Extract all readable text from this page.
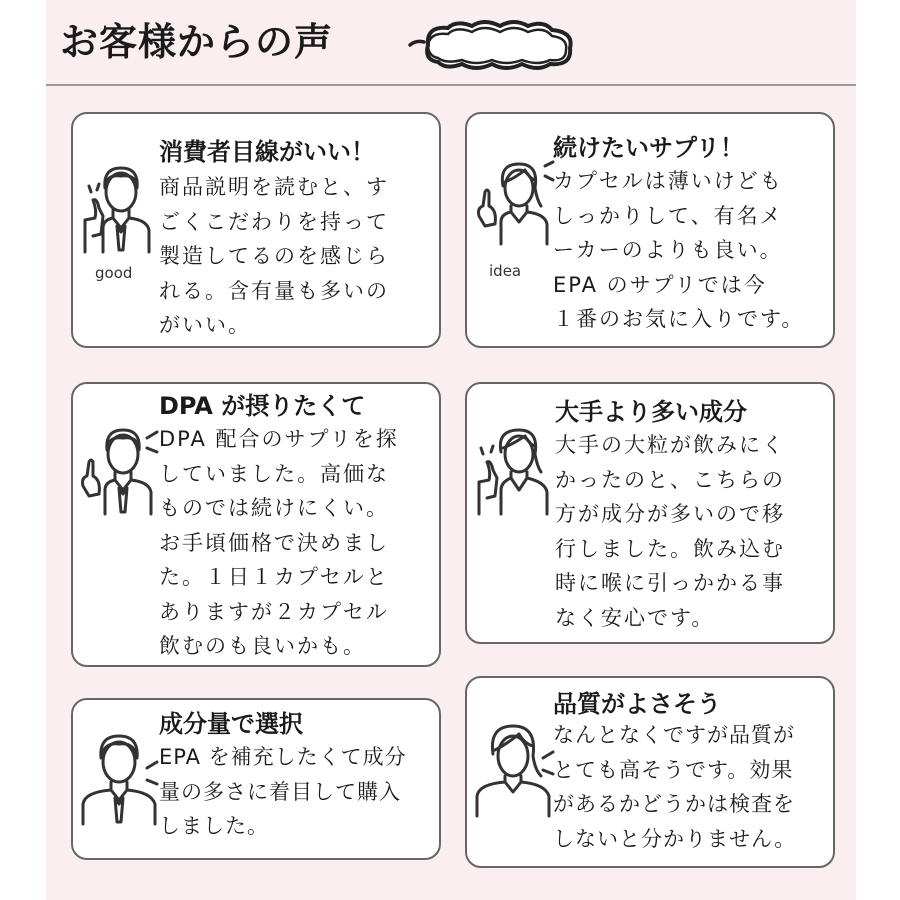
お客様からの声
good
消費者目線がいい！
商品説明を読むと、す
ごくこだわりを持って
製造してるのを感じら
れる。含有量も多いの
がいい。
idea
続けたいサプリ！
カプセルは薄いけども
しっかりして、有名メ
ーカーのよりも良い。
EPA のサプリでは今
１番のお気に入りです。
DPA が摂りたくて
DPA 配合のサプリを探
していました。高価な
ものでは続けにくい。
お手頃価格で決めまし
た。１日１カプセルと
ありますが２カプセル
飲むのも良いかも。
大手より多い成分
大手の大粒が飲みにく
かったのと、こちらの
方が成分が多いので移
行しました。飲み込む
時に喉に引っかかる事
なく安心です。
成分量で選択
EPA を補充したくて成分
量の多さに着目して購入
しました。
品質がよさそう
なんとなくですが品質が
とても高そうです。効果
があるかどうかは検査を
しないと分かりません。
